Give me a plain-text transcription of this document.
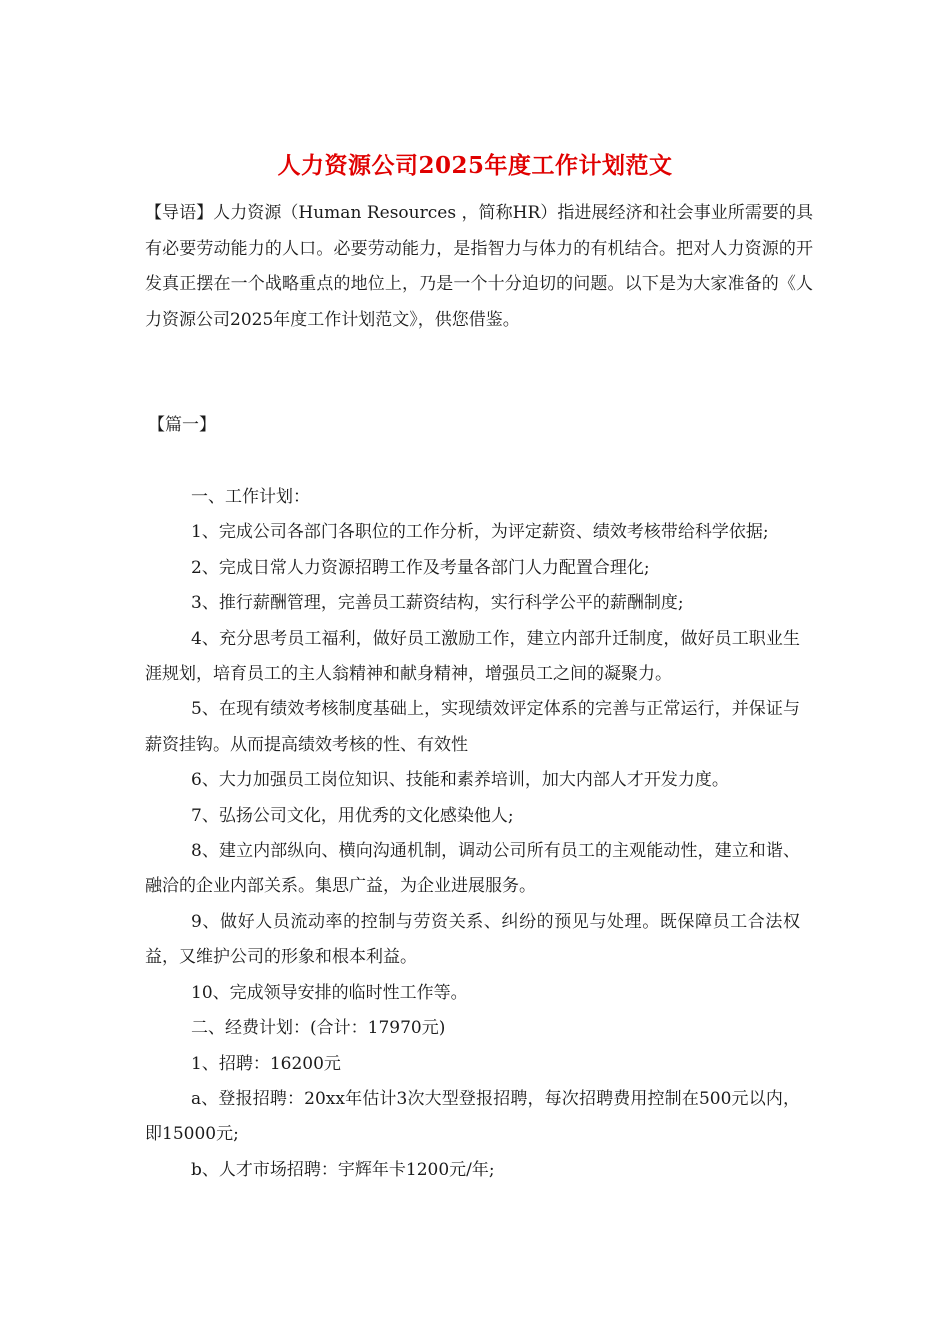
人力资源公司2025年度工作计划范文
【导语】人力资源（Human Resources ，简称HR）指进展经济和社会事业所需要的具有必要劳动能力的人口。必要劳动能力，是指智力与体力的有机结合。把对人力资源的开发真正摆在一个战略重点的地位上，乃是一个十分迫切的问题。以下是为大家准备的《人力资源公司2025年度工作计划范文》，供您借鉴。
【篇一】

一、工作计划：

1、完成公司各部门各职位的工作分析，为评定薪资、绩效考核带给科学依据;

2、完成日常人力资源招聘工作及考量各部门人力配置合理化;

3、推行薪酬管理，完善员工薪资结构，实行科学公平的薪酬制度;

4、充分思考员工福利，做好员工激励工作，建立内部升迁制度，做好员工职业生涯规划，培育员工的主人翁精神和献身精神，增强员工之间的凝聚力。

5、在现有绩效考核制度基础上，实现绩效评定体系的完善与正常运行，并保证与薪资挂钩。从而提高绩效考核的性、有效性

6、大力加强员工岗位知识、技能和素养培训，加大内部人才开发力度。

7、弘扬公司文化，用优秀的文化感染他人;

8、建立内部纵向、横向沟通机制，调动公司所有员工的主观能动性，建立和谐、融洽的企业内部关系。集思广益，为企业进展服务。

9、做好人员流动率的控制与劳资关系、纠纷的预见与处理。既保障员工合法权益，又维护公司的形象和根本利益。

10、完成领导安排的临时性工作等。

二、经费计划：(合计：17970元)

1、招聘：16200元

a、登报招聘：20xx年估计3次大型登报招聘，每次招聘费用控制在500元以内，即15000元;

b、人才市场招聘：宇辉年卡1200元/年;
